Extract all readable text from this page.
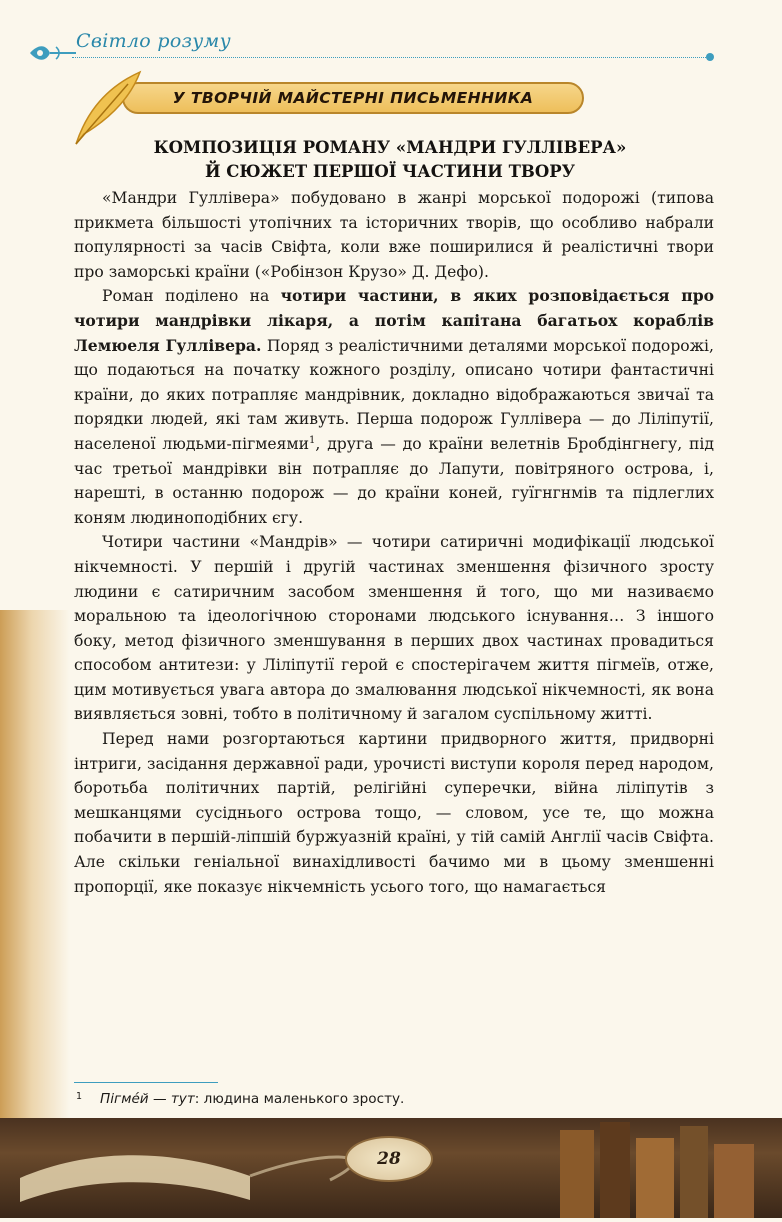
Світло розуму
У ТВОРЧІЙ МАЙСТЕРНІ ПИСЬМЕННИКА
КОМПОЗИЦІЯ РОМАНУ «МАНДРИ ГУЛЛІВЕРА»
Й СЮЖЕТ ПЕРШОЇ ЧАСТИНИ ТВОРУ

«Мандри Гуллівера» побудовано в жанрі морської подорожі (типова прикмета більшості утопічних та історичних творів, що особливо набрали популярності за часів Свіфта, коли вже поширилися й реалістичні твори про заморські країни («Робінзон Крузо» Д. Дефо).

Роман поділено на чотири частини, в яких розповідається про чотири мандрівки лікаря, а потім капітана багатьох кораблів Лемюеля Гуллівера. Поряд з реалістичними деталями морської подорожі, що подаються на початку кожного розділу, описано чотири фантастичні країни, до яких потрапляє мандрівник, докладно відображаються звичаї та порядки людей, які там живуть. Перша подорож Гуллівера — до Ліліпутії, населеної людьми-пігмеями$^1$, друга — до країни велетнів Бробдінгнегу, під час третьої мандрівки він потрапляє до Лапути, повітряного острова, і, нарешті, в останню подорож — до країни коней, гуїгнгнмів та підлеглих коням людиноподібних єгу.

Чотири частини «Мандрів» — чотири сатиричні модифікації людської нікчемності. У першій і другій частинах зменшення фізичного зросту людини є сатиричним засобом зменшення й того, що ми називаємо моральною та ідеологічною сторонами людського існування… З іншого боку, метод фізичного зменшування в перших двох частинах провадиться способом антитези: у Ліліпутії герой є спостерігачем життя пігмеїв, отже, цим мотивується увага автора до змалювання людської нікчемності, як вона виявляється зовні, тобто в політичному й загалом суспільному житті.

Перед нами розгортаються картини придворного життя, придворні інтриги, засідання державної ради, урочисті виступи короля перед народом, боротьба політичних партій, релігійні суперечки, війна ліліпутів з мешканцями сусіднього острова тощо, — словом, усе те, що можна побачити в першій-ліпшій буржуазній країні, у тій самій Англії часів Свіфта. Але скільки геніальної винахідливості бачимо ми в цьому зменшенні пропорції, яке показує нікчемність усього того, що намагається

$^1$ Пігме́й — тут: людина маленького зросту.
28
